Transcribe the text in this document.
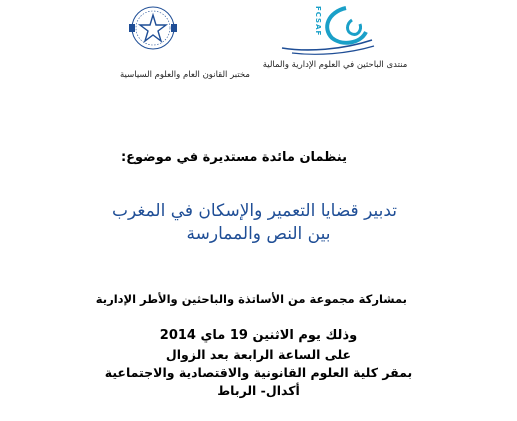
FCSAF
منتدى الباحثين في العلوم الإدارية والمالية
مختبر القانون العام والعلوم السياسية
ينظمان مائدة مستديرة في موضوع:
تدبير قضايا التعمير والإسكان في المغرب
بين النص والممارسة
بمشاركة مجموعة من الأساتذة والباحثين والأطر الإدارية
وذلك يوم الاثنين 19 ماي 2014
على الساعة الرابعة بعد الزوال
بمقر كلية العلوم القانونية والاقتصادية والاجتماعية
أكدال- الرباط
